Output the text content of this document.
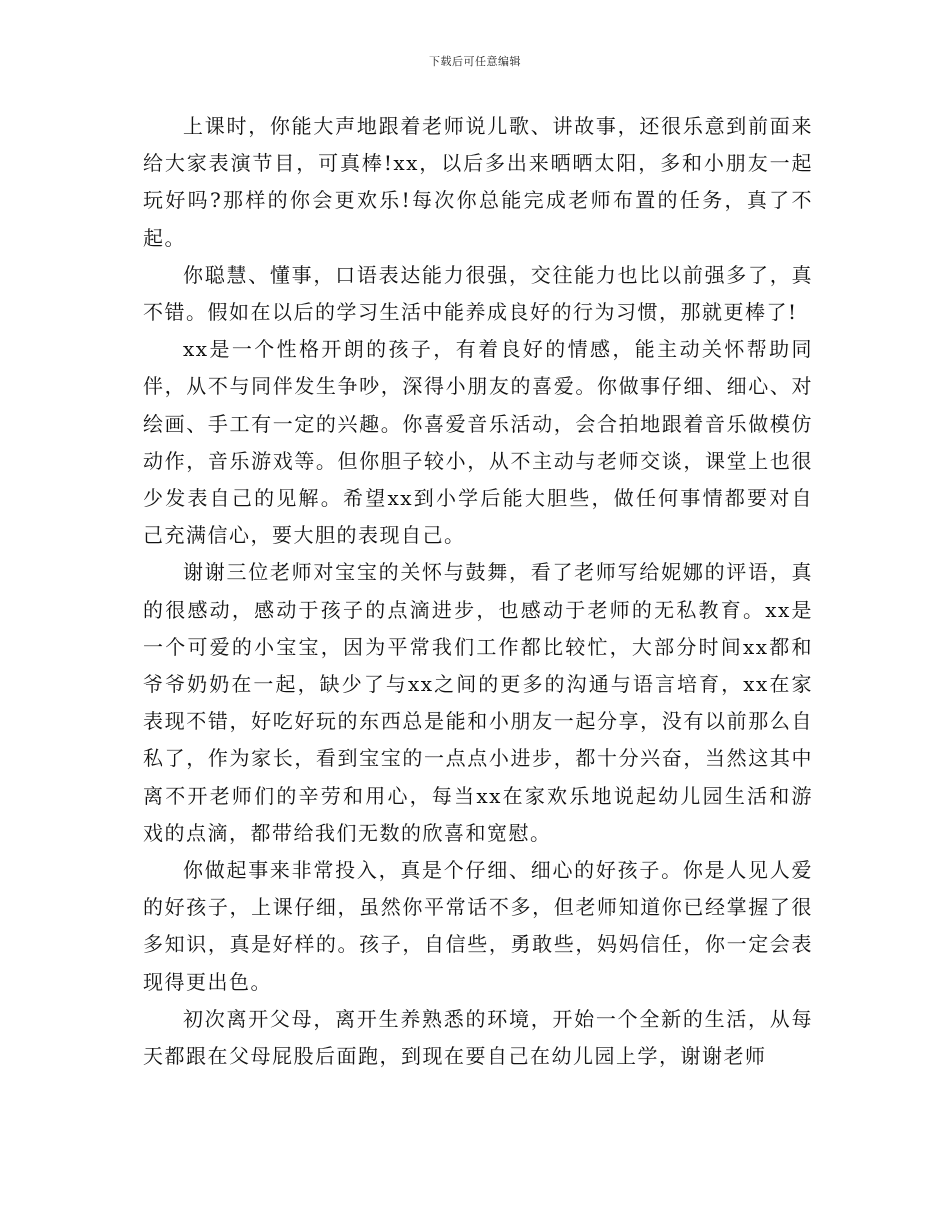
下载后可任意编辑

上课时，你能大声地跟着老师说儿歌、讲故事，还很乐意到前面来给大家表演节目，可真棒!xx，以后多出来晒晒太阳，多和小朋友一起玩好吗?那样的你会更欢乐!每次你总能完成老师布置的任务，真了不起。

你聪慧、懂事，口语表达能力很强，交往能力也比以前强多了，真不错。假如在以后的学习生活中能养成良好的行为习惯，那就更棒了!

xx是一个性格开朗的孩子，有着良好的情感，能主动关怀帮助同伴，从不与同伴发生争吵，深得小朋友的喜爱。你做事仔细、细心、对绘画、手工有一定的兴趣。你喜爱音乐活动，会合拍地跟着音乐做模仿动作，音乐游戏等。但你胆子较小，从不主动与老师交谈，课堂上也很少发表自己的见解。希望xx到小学后能大胆些，做任何事情都要对自己充满信心，要大胆的表现自己。

谢谢三位老师对宝宝的关怀与鼓舞，看了老师写给妮娜的评语，真的很感动，感动于孩子的点滴进步，也感动于老师的无私教育。xx是一个可爱的小宝宝，因为平常我们工作都比较忙，大部分时间xx都和爷爷奶奶在一起，缺少了与xx之间的更多的沟通与语言培育，xx在家表现不错，好吃好玩的东西总是能和小朋友一起分享，没有以前那么自私了，作为家长，看到宝宝的一点点小进步，都十分兴奋，当然这其中离不开老师们的辛劳和用心，每当xx在家欢乐地说起幼儿园生活和游戏的点滴，都带给我们无数的欣喜和宽慰。

你做起事来非常投入，真是个仔细、细心的好孩子。你是人见人爱的好孩子，上课仔细，虽然你平常话不多，但老师知道你已经掌握了很多知识，真是好样的。孩子，自信些，勇敢些，妈妈信任，你一定会表现得更出色。

初次离开父母，离开生养熟悉的环境，开始一个全新的生活，从每天都跟在父母屁股后面跑，到现在要自己在幼儿园上学，谢谢老师
